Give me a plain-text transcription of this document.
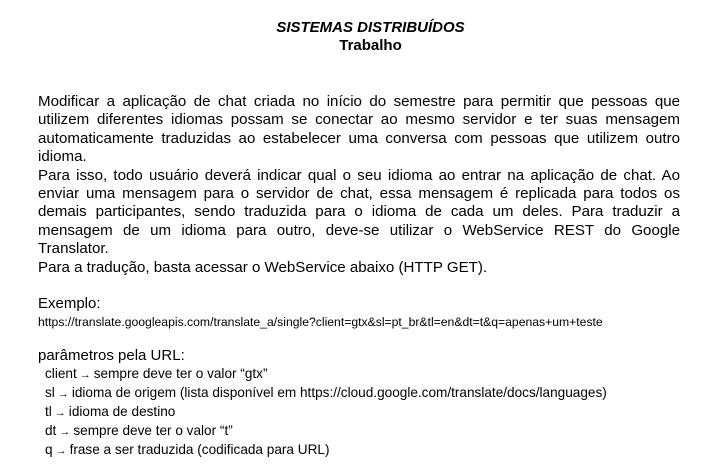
SISTEMAS DISTRIBUÍDOS
Trabalho

Modificar a aplicação de chat criada no início do semestre para permitir que pessoas que utilizem diferentes idiomas possam se conectar ao mesmo servidor e ter suas mensagem automaticamente traduzidas ao estabelecer uma conversa com pessoas que utilizem outro idioma.

Para isso, todo usuário deverá indicar qual o seu idioma ao entrar na aplicação de chat. Ao enviar uma mensagem para o servidor de chat, essa mensagem é replicada para todos os demais participantes, sendo traduzida para o idioma de cada um deles. Para traduzir a mensagem de um idioma para outro, deve-se utilizar o WebService REST do Google Translator.

Para a tradução, basta acessar o WebService abaixo (HTTP GET).

Exemplo:
https://translate.googleapis.com/translate_a/single?client=gtx&sl=pt_br&tl=en&dt=t&q=apenas+um+teste
parâmetros pela URL:
client → sempre deve ter o valor “gtx”
sl → idioma de origem (lista disponível em https://cloud.google.com/translate/docs/languages)
tl → idioma de destino
dt → sempre deve ter o valor “t”
q → frase a ser traduzida (codificada para URL)
